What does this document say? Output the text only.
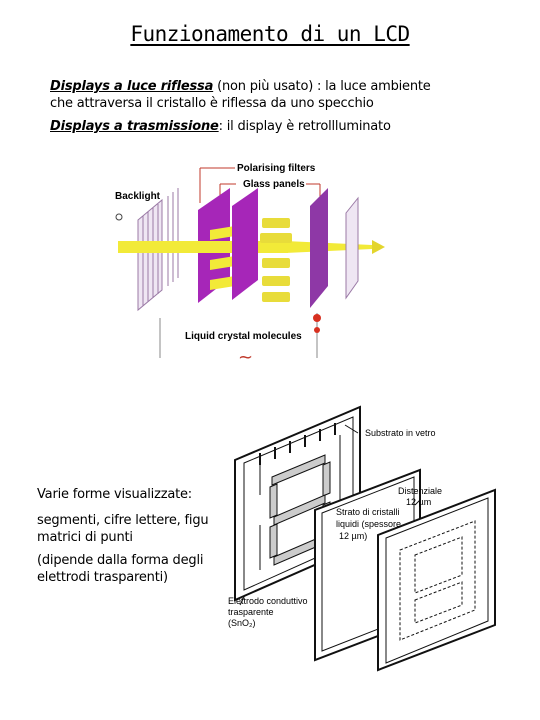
Funzionamento di un LCD
Displays a luce riflessa (non più usato) : la luce ambiente
che attraversa il cristallo è riflessa da uno specchio
Displays a trasmissione: il display è retrollluminato
~
Polarising filters
Glass panels
Backlight
Liquid crystal molecules
Varie forme visualizzate:
segmenti, cifre lettere, figu
matrici di punti
(dipende dalla forma degli
elettrodi trasparenti)
Substrato in vetro
Distenziale
12 µm
Strato di cristalli
liquidi (spessore
12 µm)
Elettrodo conduttivo
trasparente
(SnO₂)
